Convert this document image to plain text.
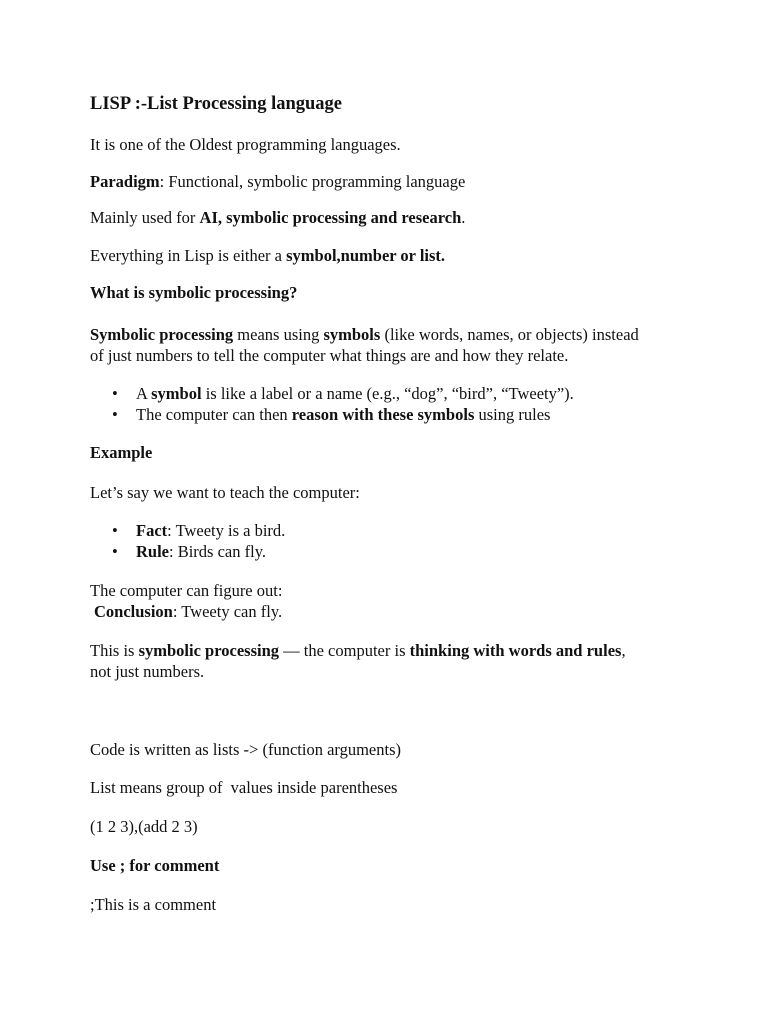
LISP :-List Processing language
It is one of the Oldest programming languages.
Paradigm: Functional, symbolic programming language
Mainly used for AI, symbolic processing and research.
Everything in Lisp is either a symbol,number or list.
What is symbolic processing?
Symbolic processing means using symbols (like words, names, or objects) instead
of just numbers to tell the computer what things are and how they relate.
• A symbol is like a label or a name (e.g., “dog”, “bird”, “Tweety”).
• The computer can then reason with these symbols using rules
Example
Let’s say we want to teach the computer:
• Fact: Tweety is a bird.
• Rule: Birds can fly.
The computer can figure out:
Conclusion: Tweety can fly.
This is symbolic processing — the computer is thinking with words and rules,
not just numbers.
Code is written as lists -> (function arguments)
List means group of  values inside parentheses
(1 2 3),(add 2 3)
Use ; for comment
;This is a comment
